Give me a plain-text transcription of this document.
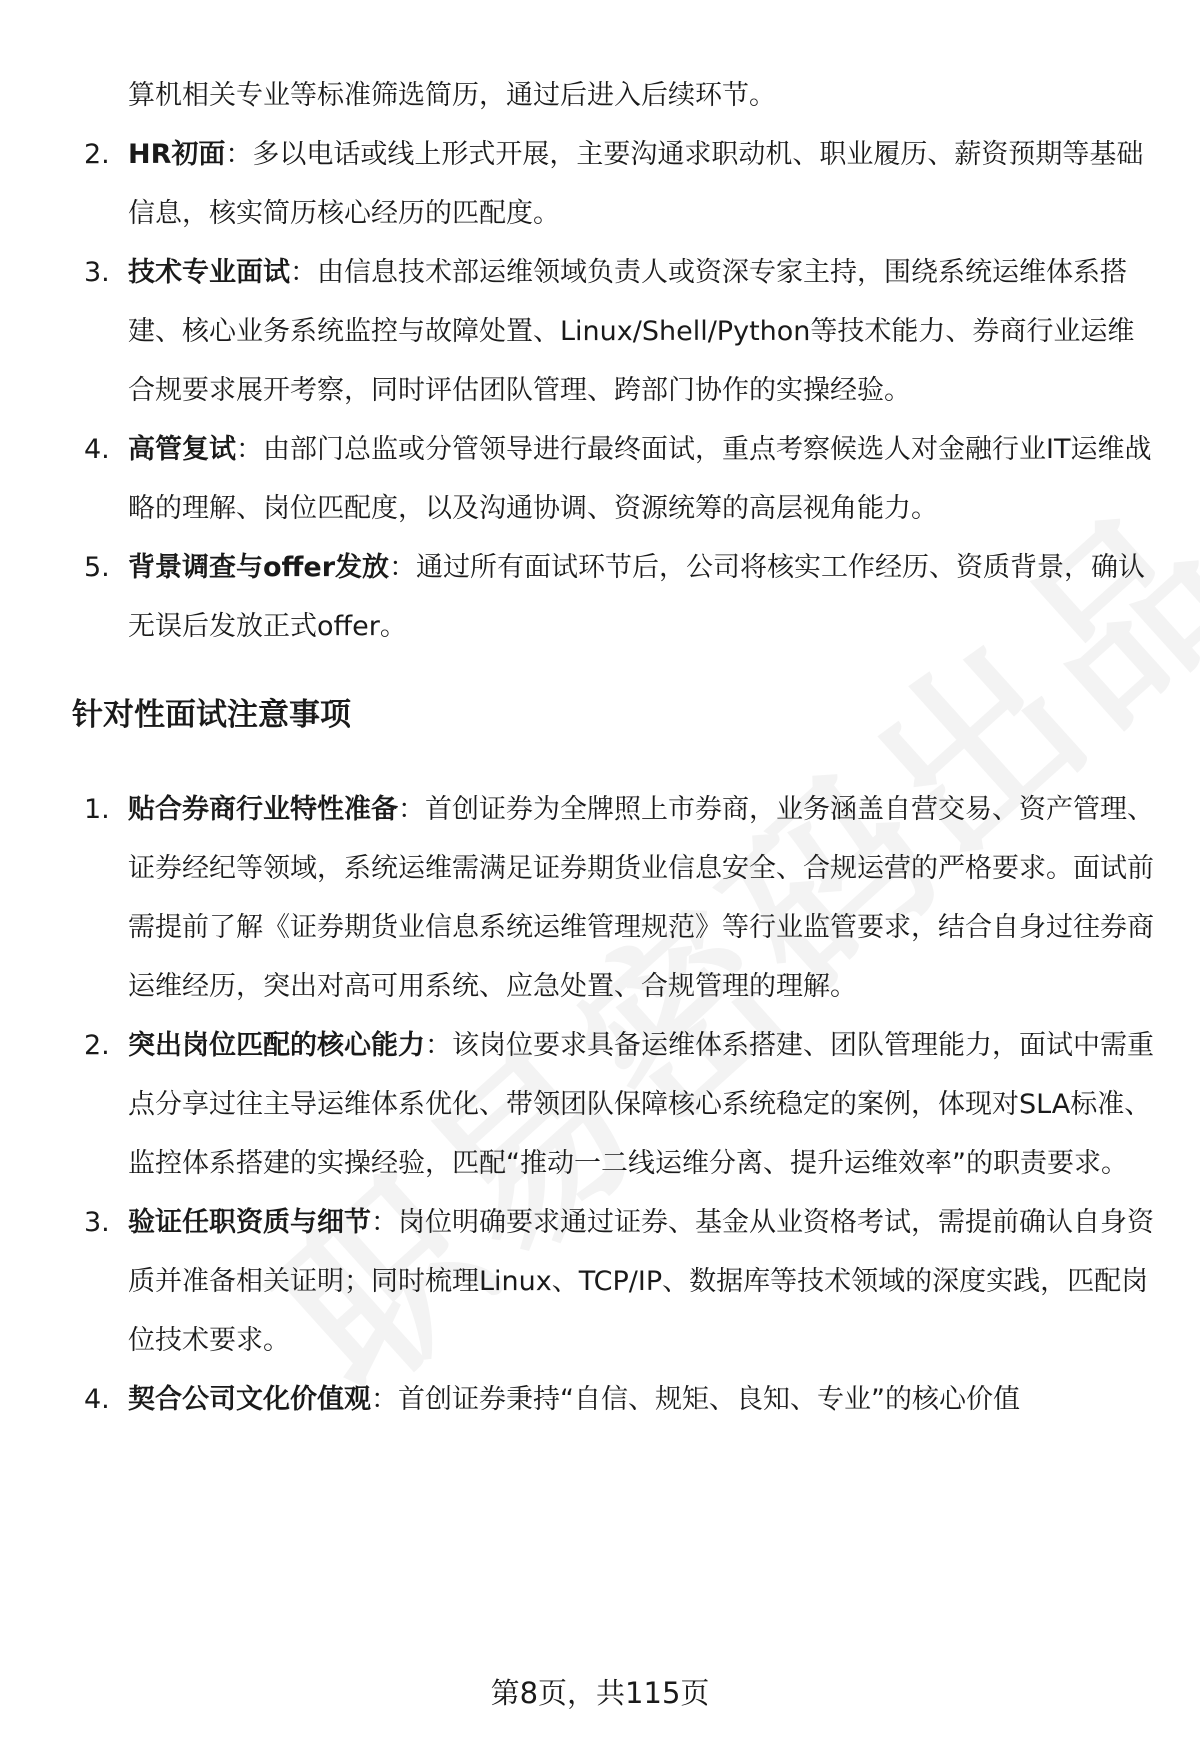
算机相关专业等标准筛选简历，通过后进入后续环节。
2. HR初面：多以电话或线上形式开展，主要沟通求职动机、职业履历、薪资预期等基础信息，核实简历核心经历的匹配度。
3. 技术专业面试：由信息技术部运维领域负责人或资深专家主持，围绕系统运维体系搭建、核心业务系统监控与故障处置、Linux/Shell/Python等技术能力、券商行业运维合规要求展开考察，同时评估团队管理、跨部门协作的实操经验。
4. 高管复试：由部门总监或分管领导进行最终面试，重点考察候选人对金融行业IT运维战略的理解、岗位匹配度，以及沟通协调、资源统筹的高层视角能力。
5. 背景调查与offer发放：通过所有面试环节后，公司将核实工作经历、资质背景，确认无误后发放正式offer。
针对性面试注意事项
1. 贴合券商行业特性准备：首创证券为全牌照上市券商，业务涵盖自营交易、资产管理、证券经纪等领域，系统运维需满足证券期货业信息安全、合规运营的严格要求。面试前需提前了解《证券期货业信息系统运维管理规范》等行业监管要求，结合自身过往券商运维经历，突出对高可用系统、应急处置、合规管理的理解。
2. 突出岗位匹配的核心能力：该岗位要求具备运维体系搭建、团队管理能力，面试中需重点分享过往主导运维体系优化、带领团队保障核心系统稳定的案例，体现对SLA标准、监控体系搭建的实操经验，匹配“推动一二线运维分离、提升运维效率”的职责要求。
3. 验证任职资质与细节：岗位明确要求通过证券、基金从业资格考试，需提前确认自身资质并准备相关证明；同时梳理Linux、TCP/IP、数据库等技术领域的深度实践，匹配岗位技术要求。
4. 契合公司文化价值观：首创证券秉持“自信、规矩、良知、专业”的核心价值
第8页，共115页
